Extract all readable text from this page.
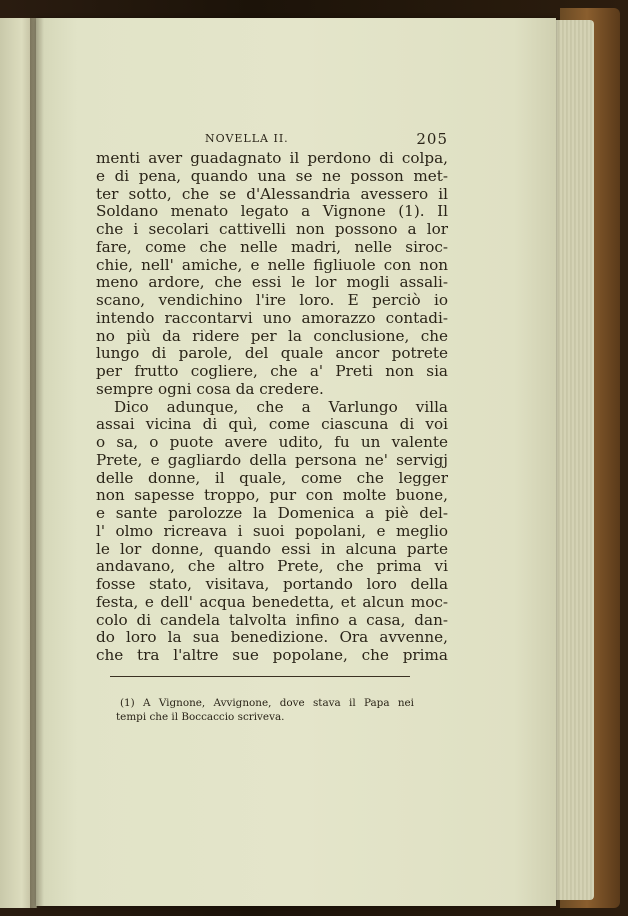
NOVELLA II.	205
menti aver guadagnato il perdono di colpa,
e di pena, quando una se ne posson met-
ter sotto, che se d'Alessandria avessero il
Soldano menato legato a Vignone (1). Il
che i secolari cattivelli non possono a lor
fare, come che nelle madri, nelle siroc-
chie, nell' amiche, e nelle figliuole con non
meno ardore, che essi le lor mogli assali-
scano, vendichino l'ire loro. E perciò io
intendo raccontarvi uno amorazzo contadi-
no più da ridere per la conclusione, che
lungo di parole, del quale ancor potrete
per frutto cogliere, che a' Preti non sia
sempre ogni cosa da credere.
Dico adunque, che a Varlungo villa
assai vicina di quì, come ciascuna di voi
o sa, o puote avere udito, fu un valente
Prete, e gagliardo della persona ne' servigj
delle donne, il quale, come che legger
non sapesse troppo, pur con molte buone,
e sante parolozze la Domenica a piè del-
l' olmo ricreava i suoi popolani, e meglio
le lor donne, quando essi in alcuna parte
andavano, che altro Prete, che prima vi
fosse stato, visitava, portando loro della
festa, e dell' acqua benedetta, et alcun moc-
colo di candela talvolta infino a casa, dan-
do loro la sua benedizione. Ora avvenne,
che tra l'altre sue popolane, che prima
(1) A Vignone, Avvignone, dove stava il Papa nei
tempi che il Boccaccio scriveva.
